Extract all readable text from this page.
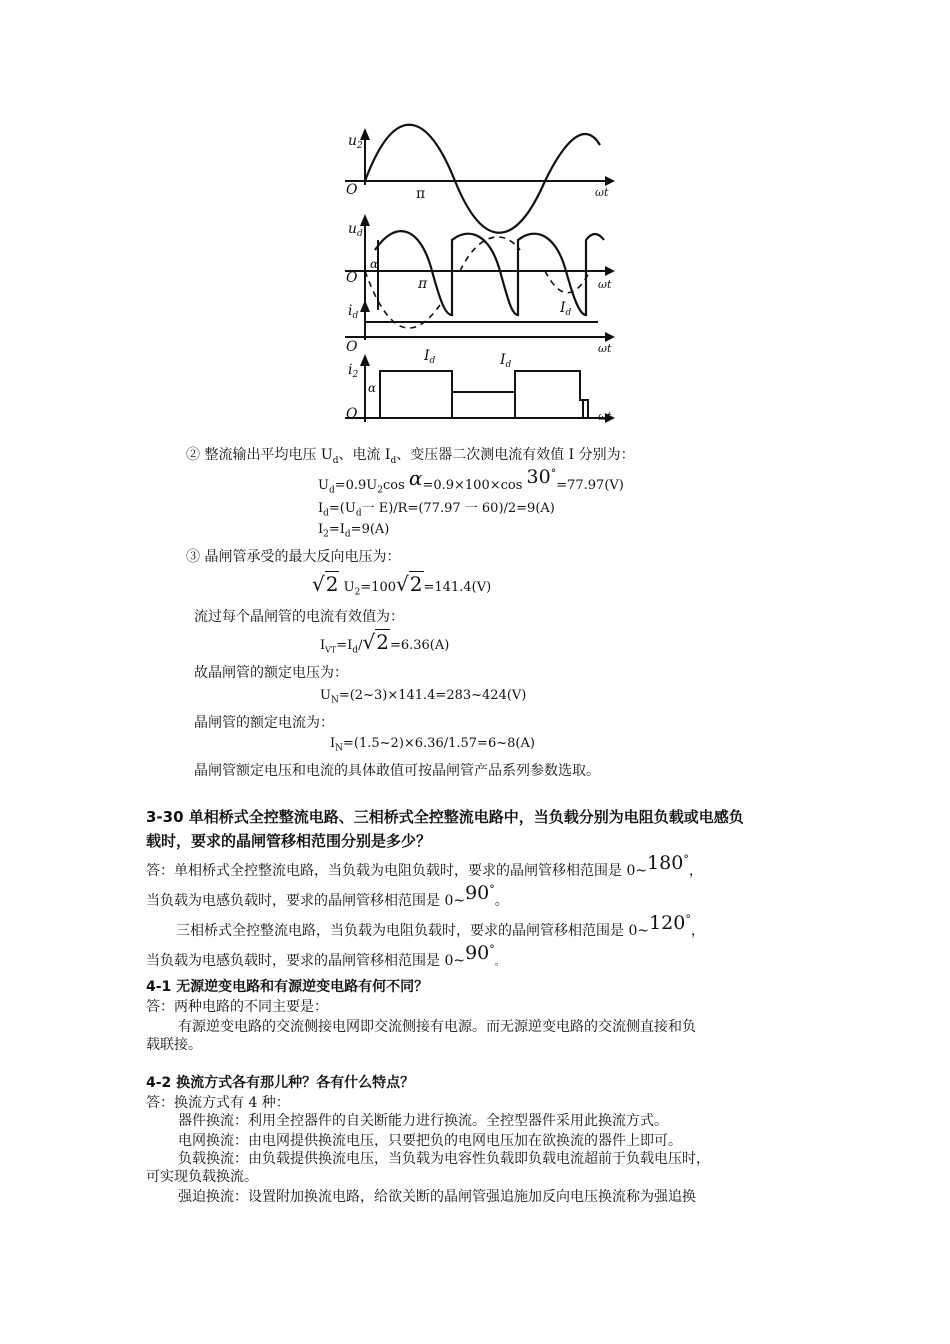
$u_2$
O	π	ωt
$u_d$
α
O	π	ωt
$i_d$	$I_d$
O	ωt
$I_d$	$I_d$
$i_2$
α
O	ωt
② 整流输出平均电压 $U_d$、电流 $I_d$、变压器二次测电流有效值 I 分别为：
$U_d=0.9U_2\cos$ α=0.9×100×cos 30°=77.97(V)
$I_d=(U_d$一 E)/R=(77.97 一 60)/2=9(A)
$I_2=I_d=9(A)$
③ 晶闸管承受的最大反向电压为：
√2 $U_2=100√2=141.4(V)$
流过每个晶闸管的电流有效值为：
$I_{VT}=I_d/√2=6.36(A)$
故晶闸管的额定电压为：
$U_N=(2\sim 3)\times 141.4=283\sim 424(V)$
晶闸管的额定电流为：
$I_N=(1.5\sim 2)\times 6.36/1.57=6\sim 8(A)$
晶闸管额定电压和电流的具体敢值可按晶闸管产品系列参数选取。
3-30 单相桥式全控整流电路、三相桥式全控整流电路中，当负载分别为电阻负载或电感负
载时，要求的晶闸管移相范围分别是多少？
答：单相桥式全控整流电路，当负载为电阻负载时，要求的晶闸管移相范围是 0~180°，
当负载为电感负载时，要求的晶闸管移相范围是 0~90°。
三相桥式全控整流电路，当负载为电阻负载时，要求的晶闸管移相范围是 0~120°，
当负载为电感负载时，要求的晶闸管移相范围是 0~90°。
4-1 无源逆变电路和有源逆变电路有何不同？
答：两种电路的不同主要是：
有源逆变电路的交流侧接电网即交流侧接有电源。而无源逆变电路的交流侧直接和负
载联接。
4-2 换流方式各有那儿种？各有什么特点？
答：换流方式有 4 种：
器件换流：利用全控器件的自关断能力进行换流。全控型器件采用此换流方式。
电网换流：由电网提供换流电压，只要把负的电网电压加在欲换流的器件上即可。
负载换流：由负载提供换流电压，当负载为电容性负载即负载电流超前于负载电压时，
可实现负载换流。
强迫换流：设置附加换流电路，给欲关断的晶闸管强追施加反向电压换流称为强追换
